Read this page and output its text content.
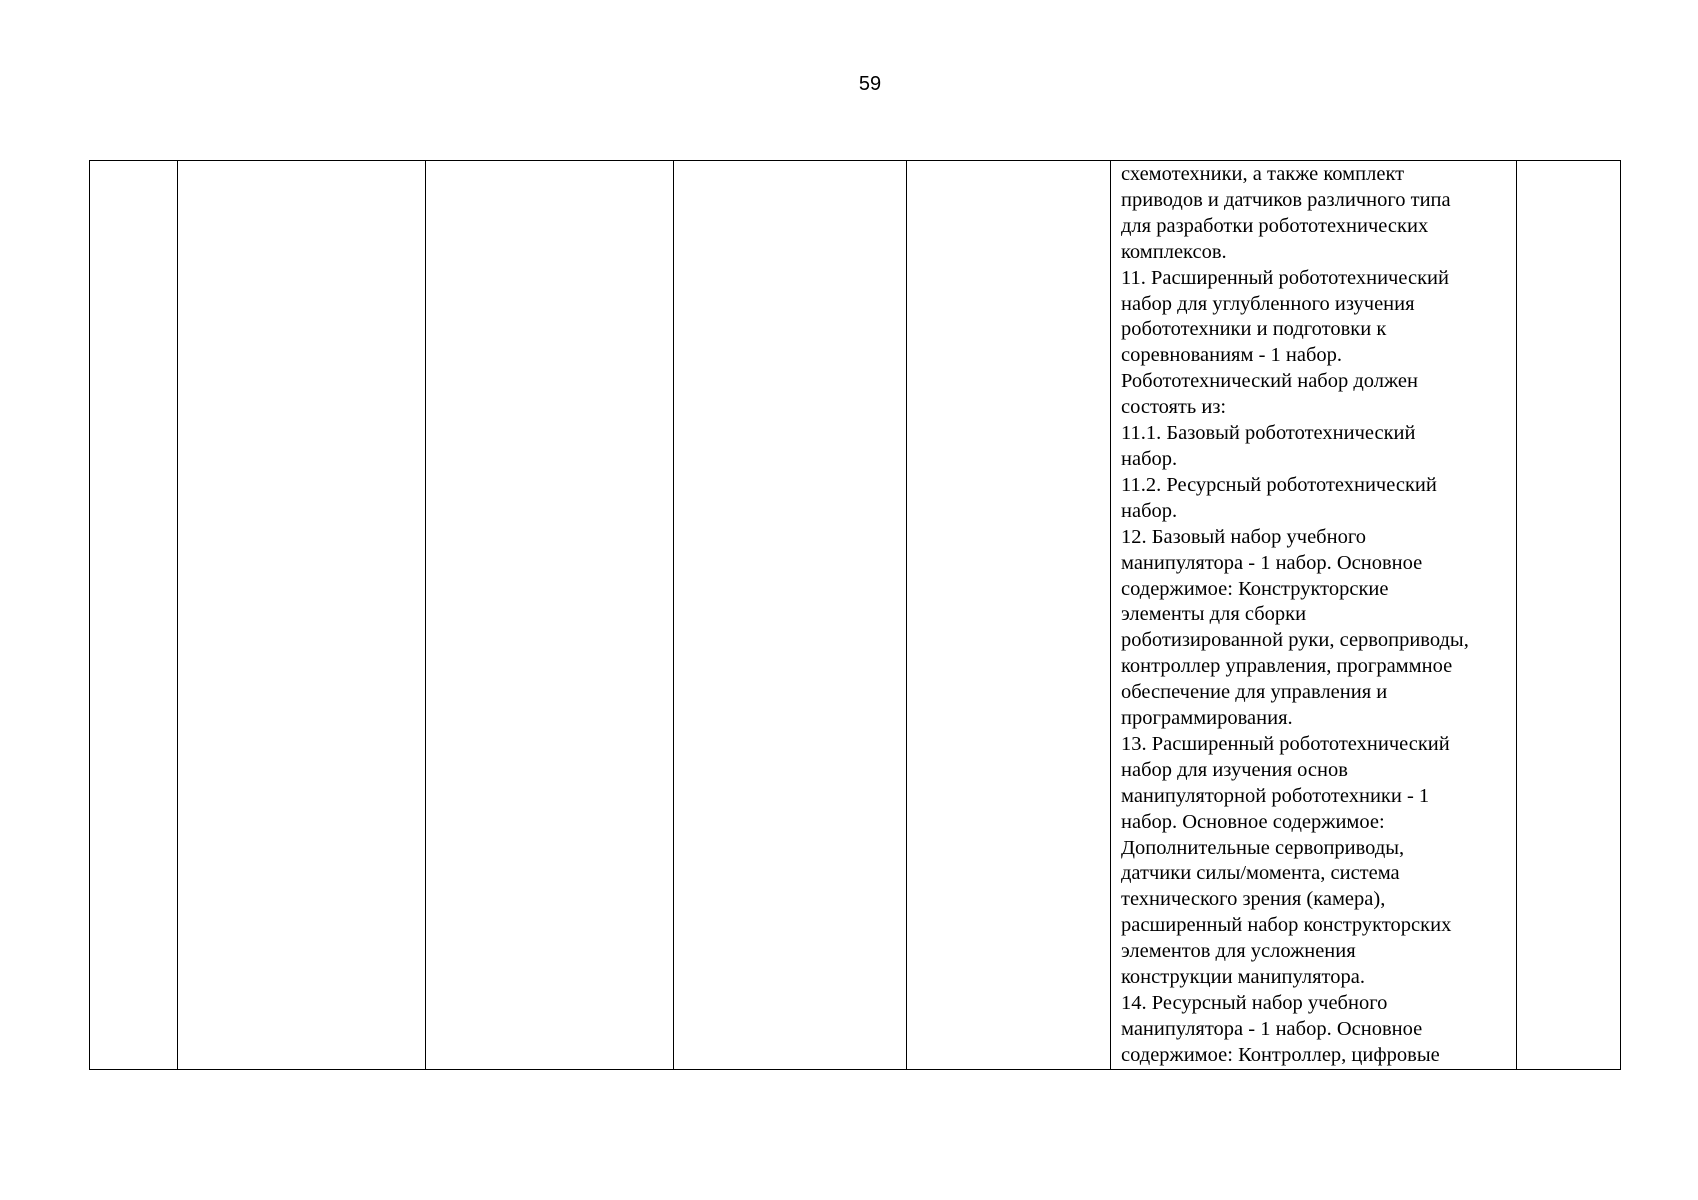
59

схемотехники, а также комплект
приводов и датчиков различного типа
для разработки робототехнических
комплексов.
11. Расширенный робототехнический
набор для углубленного изучения
робототехники и подготовки к
соревнованиям - 1 набор.
Робототехнический набор должен
состоять из:
11.1. Базовый робототехнический
набор.
11.2. Ресурсный робототехнический
набор.
12. Базовый набор учебного
манипулятора - 1 набор. Основное
содержимое: Конструкторские
элементы для сборки
роботизированной руки, сервоприводы,
контроллер управления, программное
обеспечение для управления и
программирования.
13. Расширенный робототехнический
набор для изучения основ
манипуляторной робототехники - 1
набор. Основное содержимое:
Дополнительные сервоприводы,
датчики силы/момента, система
технического зрения (камера),
расширенный набор конструкторских
элементов для усложнения
конструкции манипулятора.
14. Ресурсный набор учебного
манипулятора - 1 набор. Основное
содержимое: Контроллер, цифровые
